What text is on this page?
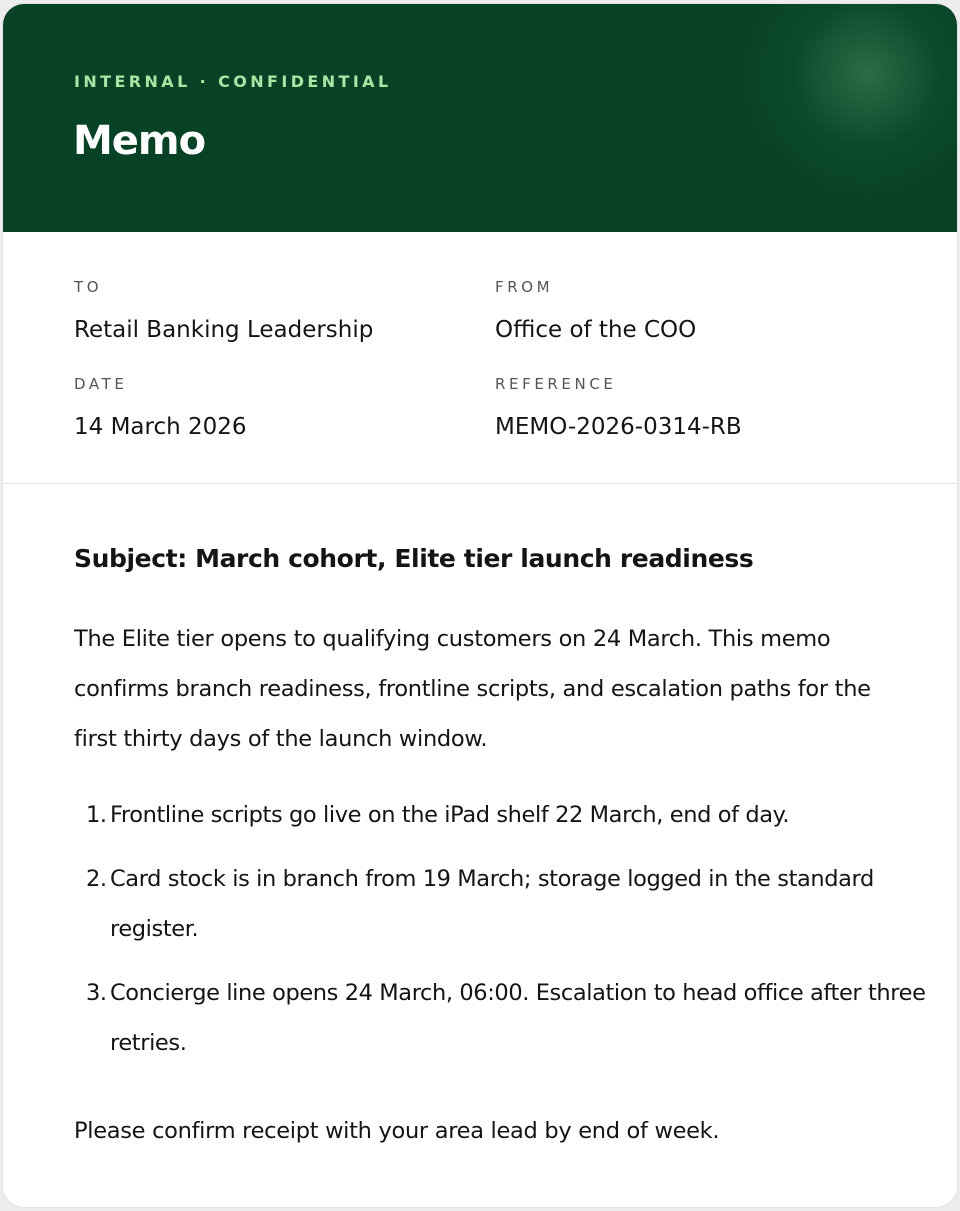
INTERNAL · CONFIDENTIAL
Memo
TO
Retail Banking Leadership
FROM
Office of the COO
DATE
14 March 2026
REFERENCE
MEMO-2026-0314-RB
Subject: March cohort, Elite tier launch readiness

The Elite tier opens to qualifying customers on 24 March. This memo confirms branch readiness, frontline scripts, and escalation paths for the first thirty days of the launch window.

1. Frontline scripts go live on the iPad shelf 22 March, end of day.
2. Card stock is in branch from 19 March; storage logged in the standard register.
3. Concierge line opens 24 March, 06:00. Escalation to head office after three retries.

Please confirm receipt with your area lead by end of week.
